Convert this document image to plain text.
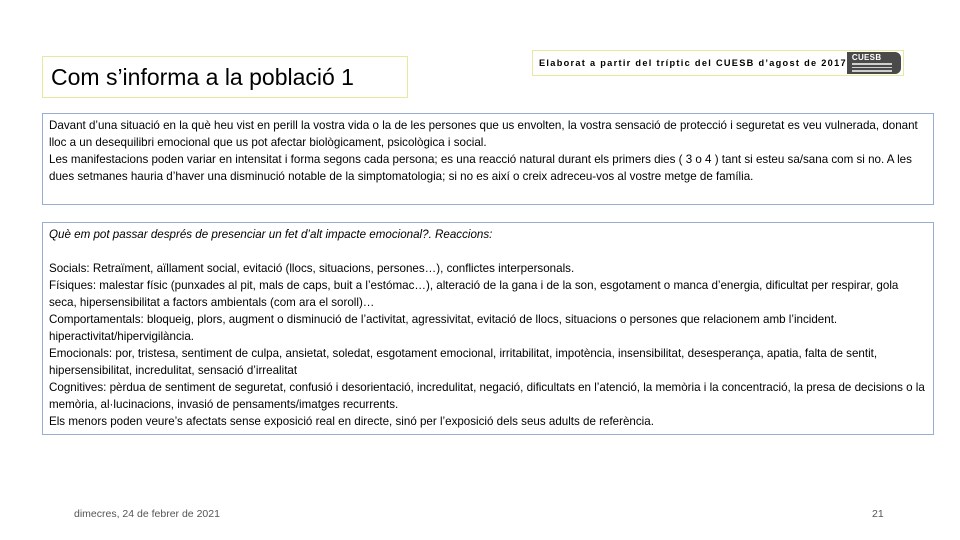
Com s’informa a la població 1
Elaborat a partir del tríptic del CUESB d’agost de 2017
CUESB

Davant d’una situació en la què heu vist en perill la vostra vida o la de les persones que us envolten, la vostra sensació de protecció i seguretat es veu vulnerada, donant lloc a un desequilibri emocional que us pot afectar biològicament, psicològica i social.

Les manifestacions poden variar en intensitat i forma segons cada persona; es una reacció natural durant els primers dies ( 3 o 4 ) tant si esteu sa/sana com si no. A les dues setmanes hauria d’haver una disminució notable de la simptomatologia; si no es així o creix adreceu-vos al vostre metge de família.

Què em pot passar després de presenciar un fet d’alt impacte emocional?. Reaccions:

Socials: Retraïment, aïllament social, evitació (llocs, situacions, persones…), conflictes interpersonals.

Físiques: malestar físic (punxades al pit, mals de caps, buit a l’estómac…), alteració de la gana i de la son, esgotament o manca d’energia, dificultat per respirar, gola seca, hipersensibilitat a factors ambientals (com ara el soroll)…

Comportamentals: bloqueig, plors, augment o disminució de l’activitat, agressivitat, evitació de llocs, situacions o persones que relacionem amb l’incident. hiperactivitat/hipervigilància.

Emocionals: por, tristesa, sentiment de culpa, ansietat, soledat, esgotament emocional, irritabilitat, impotència, insensibilitat, desesperança, apatia, falta de sentit, hipersensibilitat, incredulitat, sensació d’irrealitat

Cognitives: pèrdua de sentiment de seguretat, confusió i desorientació, incredulitat, negació, dificultats en l’atenció, la memòria i la concentració, la presa de decisions o la memòria, al·lucinacions, invasió de pensaments/imatges recurrents.

Els menors poden veure’s afectats sense exposició real en directe, sinó per l’exposició dels seus adults de referència.

dimecres, 24 de febrer de 2021	21
